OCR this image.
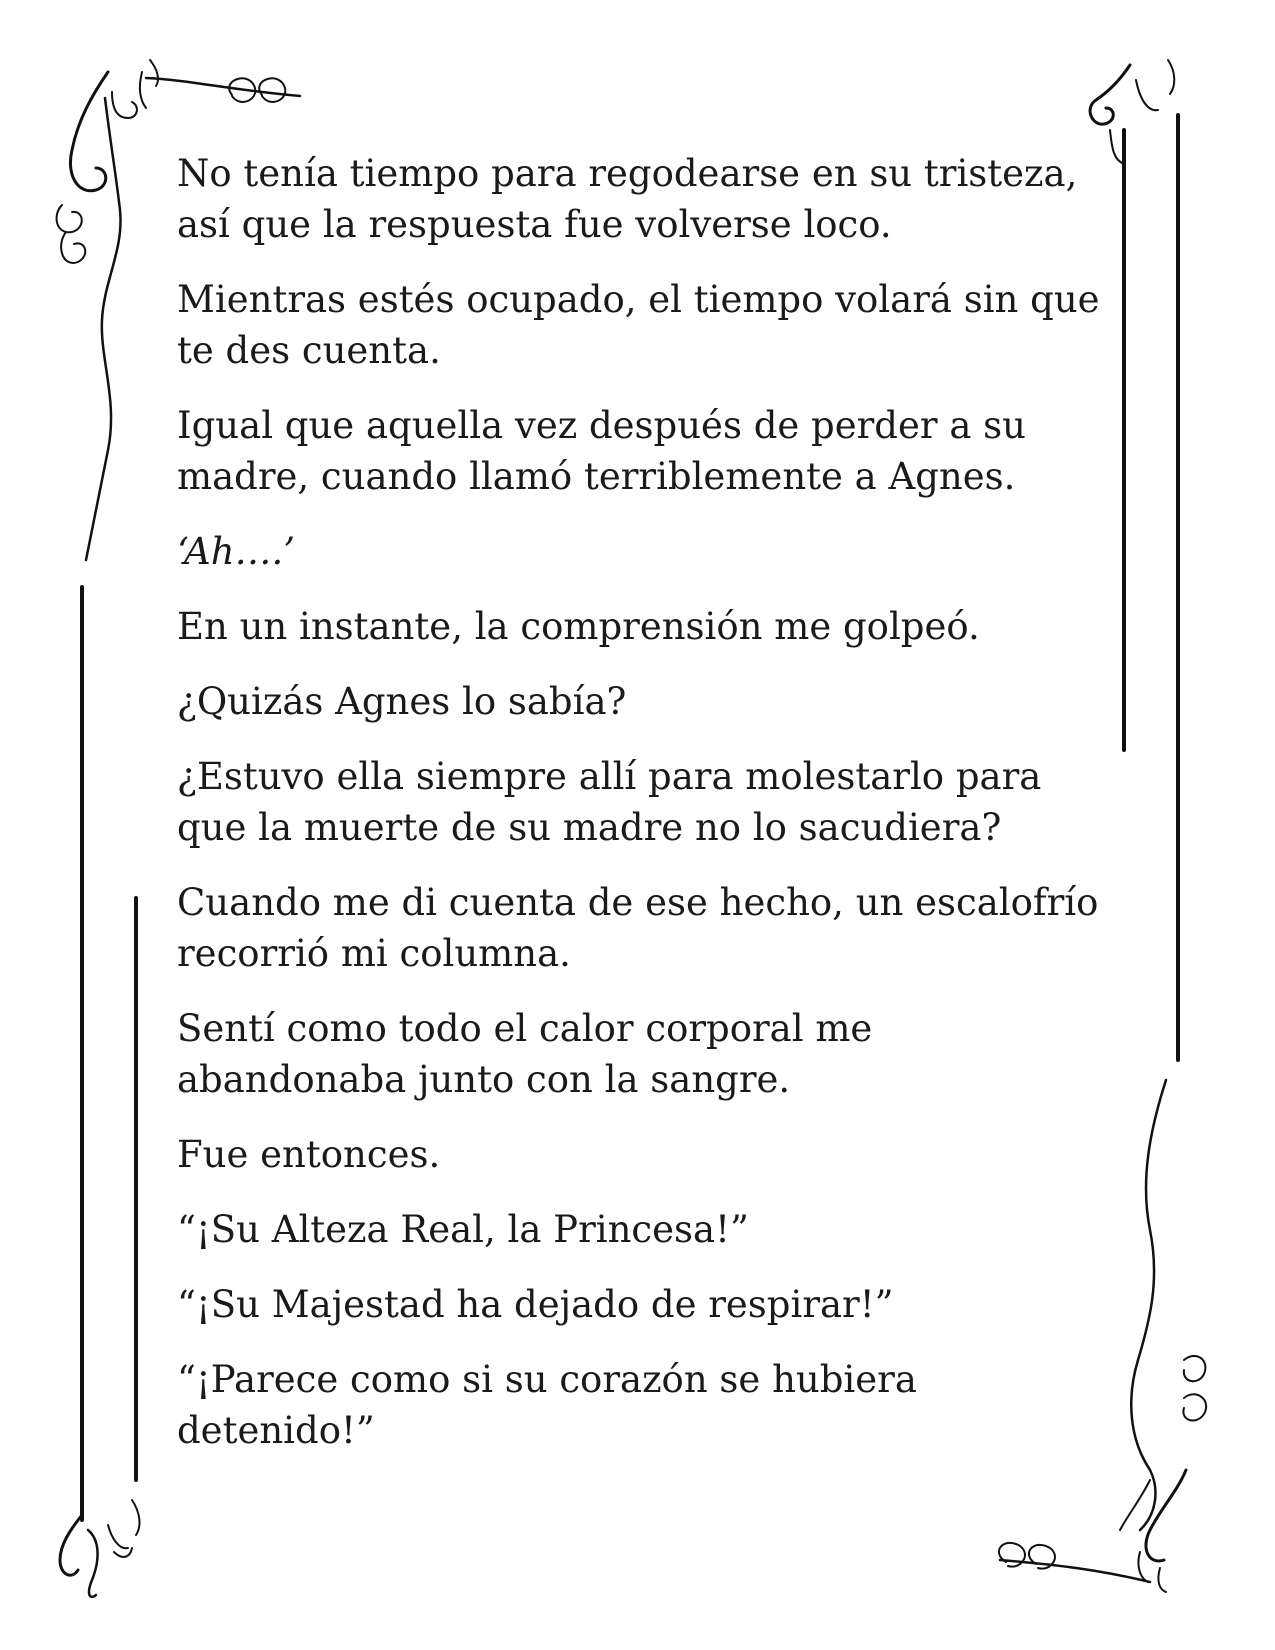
No tenía tiempo para regodearse en su tristeza, así que la respuesta fue volverse loco.

Mientras estés ocupado, el tiempo volará sin que te des cuenta.

Igual que aquella vez después de perder a su madre, cuando llamó terriblemente a Agnes.

‘Ah….’

En un instante, la comprensión me golpeó.

¿Quizás Agnes lo sabía?

¿Estuvo ella siempre allí para molestarlo para que la muerte de su madre no lo sacudiera?

Cuando me di cuenta de ese hecho, un escalofrío recorrió mi columna.

Sentí como todo el calor corporal me abandonaba junto con la sangre.

Fue entonces.

“¡Su Alteza Real, la Princesa!”

“¡Su Majestad ha dejado de respirar!”

“¡Parece como si su corazón se hubiera detenido!”
